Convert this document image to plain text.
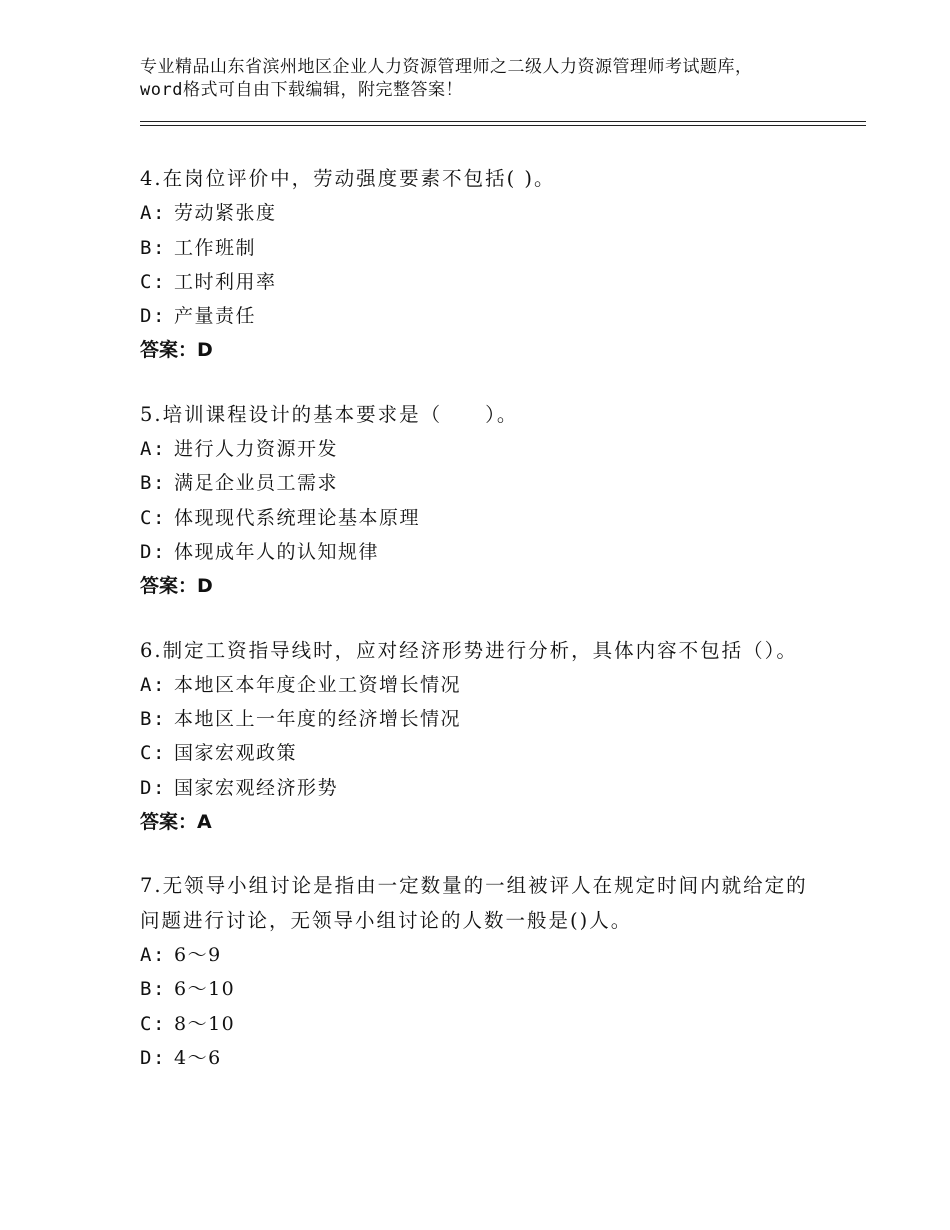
专业精品山东省滨州地区企业人力资源管理师之二级人力资源管理师考试题库，word格式可自由下载编辑，附完整答案！
4.在岗位评价中，劳动强度要素不包括( )。
A: 劳动紧张度
B: 工作班制
C: 工时利用率
D: 产量责任
答案：D
5.培训课程设计的基本要求是（　　）。
A: 进行人力资源开发
B: 满足企业员工需求
C: 体现现代系统理论基本原理
D: 体现成年人的认知规律
答案：D
6.制定工资指导线时，应对经济形势进行分析，具体内容不包括（）。
A: 本地区本年度企业工资增长情况
B: 本地区上一年度的经济增长情况
C: 国家宏观政策
D: 国家宏观经济形势
答案：A
7.无领导小组讨论是指由一定数量的一组被评人在规定时间内就给定的问题进行讨论，无领导小组讨论的人数一般是()人。
A: 6～9
B: 6～10
C: 8～10
D: 4～6
